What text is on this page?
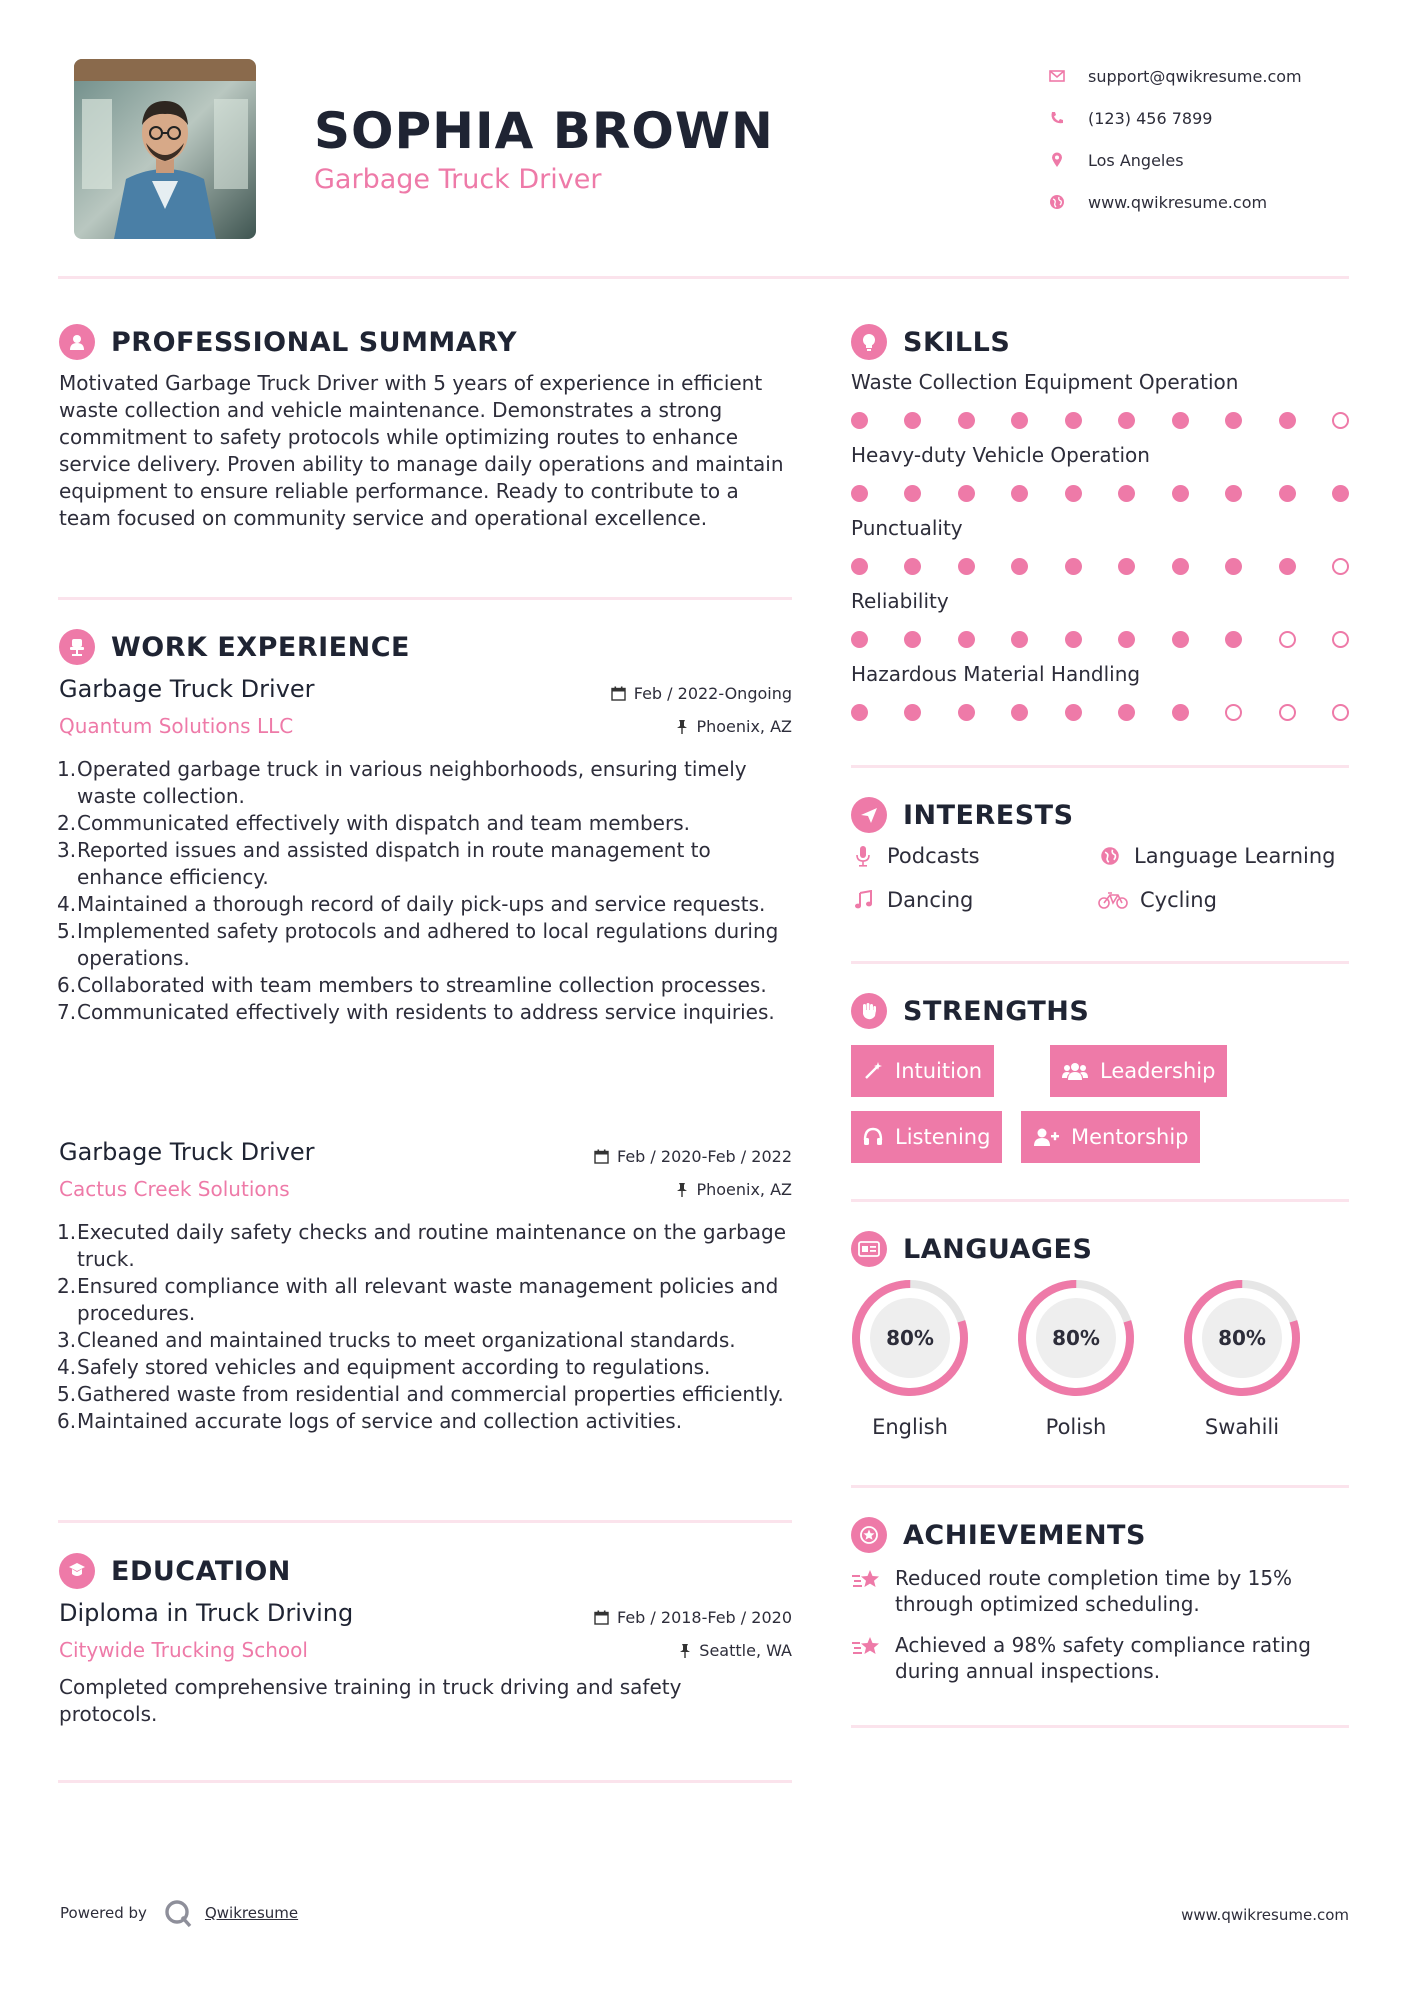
SOPHIA BROWN
Garbage Truck Driver
support@qwikresume.com
(123) 456 7899
Los Angeles
www.qwikresume.com
PROFESSIONAL SUMMARY
Motivated Garbage Truck Driver with 5 years of experience in efficient waste collection and vehicle maintenance. Demonstrates a strong commitment to safety protocols while optimizing routes to enhance service delivery. Proven ability to manage daily operations and maintain equipment to ensure reliable performance. Ready to contribute to a team focused on community service and operational excellence.
WORK EXPERIENCE
Garbage Truck Driver
Quantum Solutions LLC
Feb / 2022-Ongoing
Phoenix, AZ
1. Operated garbage truck in various neighborhoods, ensuring timely waste collection.
2. Communicated effectively with dispatch and team members.
3. Reported issues and assisted dispatch in route management to enhance efficiency.
4. Maintained a thorough record of daily pick-ups and service requests.
5. Implemented safety protocols and adhered to local regulations during operations.
6. Collaborated with team members to streamline collection processes.
7. Communicated effectively with residents to address service inquiries.
Garbage Truck Driver
Cactus Creek Solutions
Feb / 2020-Feb / 2022
Phoenix, AZ
1. Executed daily safety checks and routine maintenance on the garbage truck.
2. Ensured compliance with all relevant waste management policies and procedures.
3. Cleaned and maintained trucks to meet organizational standards.
4. Safely stored vehicles and equipment according to regulations.
5. Gathered waste from residential and commercial properties efficiently.
6. Maintained accurate logs of service and collection activities.
EDUCATION
Diploma in Truck Driving
Citywide Trucking School
Feb / 2018-Feb / 2020
Seattle, WA
Completed comprehensive training in truck driving and safety protocols.
SKILLS
Waste Collection Equipment Operation
Heavy-duty Vehicle Operation
Punctuality
Reliability
Hazardous Material Handling
INTERESTS
Podcasts	Language Learning
Dancing	Cycling
STRENGTHS
Intuition	Leadership
Listening	Mentorship
LANGUAGES
80%
English
80%
Polish
80%
Swahili
ACHIEVEMENTS
Reduced route completion time by 15% through optimized scheduling.
Achieved a 98% safety compliance rating during annual inspections.
Powered by	Qwikresume	www.qwikresume.com
